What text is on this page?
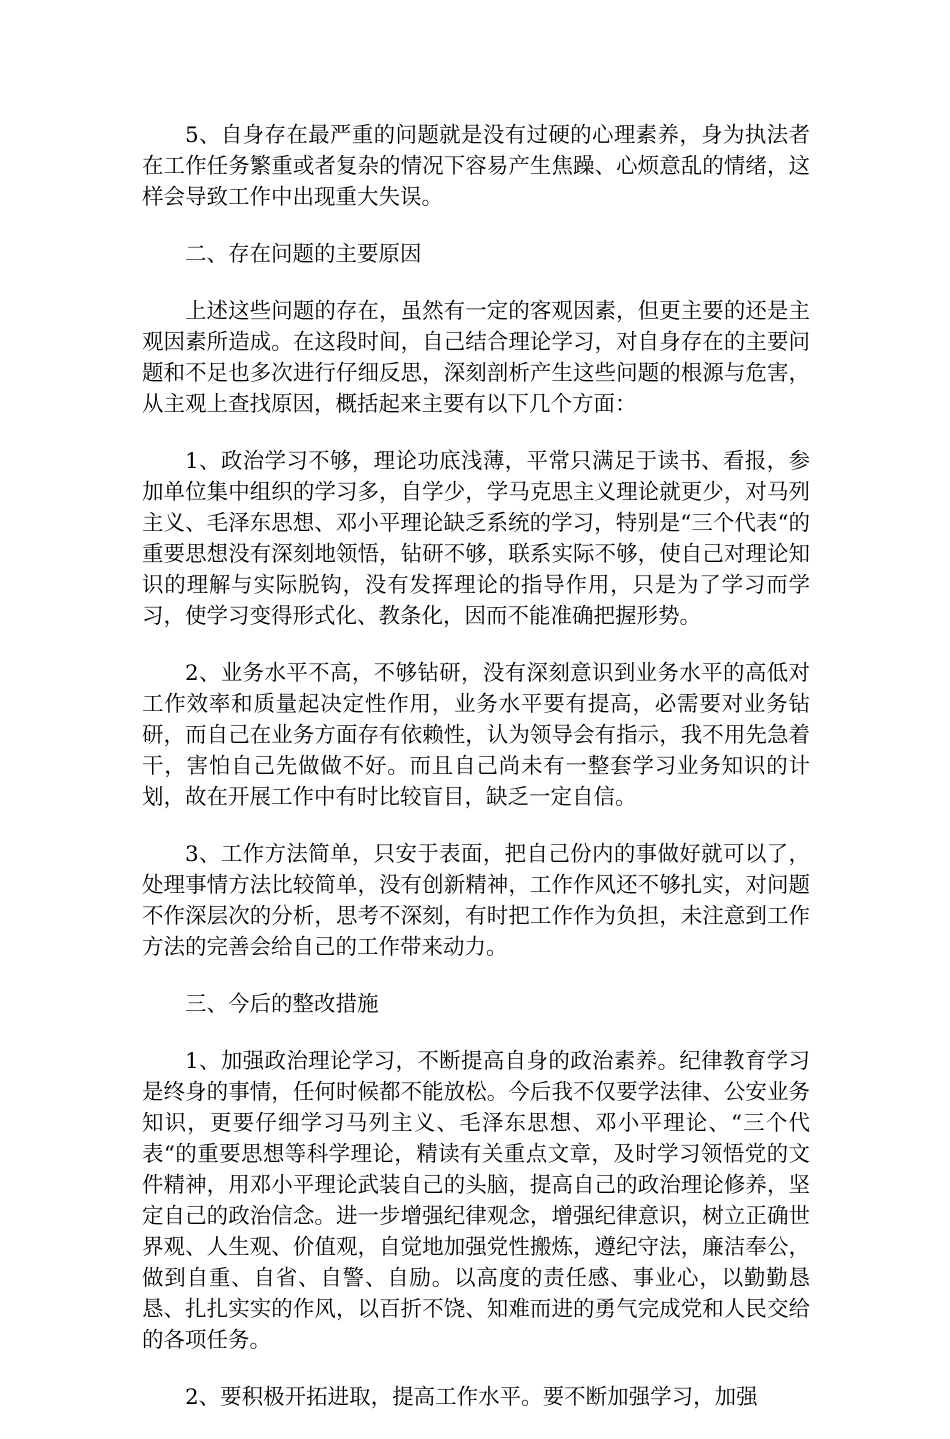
5、自身存在最严重的问题就是没有过硬的心理素养，身为执法者在工作任务繁重或者复杂的情况下容易产生焦躁、心烦意乱的情绪，这样会导致工作中出现重大失误。

二、存在问题的主要原因

上述这些问题的存在，虽然有一定的客观因素，但更主要的还是主观因素所造成。在这段时间，自己结合理论学习，对自身存在的主要问题和不足也多次进行仔细反思，深刻剖析产生这些问题的根源与危害，从主观上查找原因，概括起来主要有以下几个方面：

1、政治学习不够，理论功底浅薄，平常只满足于读书、看报，参加单位集中组织的学习多，自学少，学马克思主义理论就更少，对马列主义、毛泽东思想、邓小平理论缺乏系统的学习，特别是“三个代表“的重要思想没有深刻地领悟，钻研不够，联系实际不够，使自己对理论知识的理解与实际脱钩，没有发挥理论的指导作用，只是为了学习而学习，使学习变得形式化、教条化，因而不能准确把握形势。

2、业务水平不高，不够钻研，没有深刻意识到业务水平的高低对工作效率和质量起决定性作用，业务水平要有提高，必需要对业务钻研，而自己在业务方面存有依赖性，认为领导会有指示，我不用先急着干，害怕自己先做做不好。而且自己尚未有一整套学习业务知识的计划，故在开展工作中有时比较盲目，缺乏一定自信。

3、工作方法简单，只安于表面，把自己份内的事做好就可以了，处理事情方法比较简单，没有创新精神，工作作风还不够扎实，对问题不作深层次的分析，思考不深刻，有时把工作作为负担，未注意到工作方法的完善会给自己的工作带来动力。

三、今后的整改措施

1、加强政治理论学习，不断提高自身的政治素养。纪律教育学习是终身的事情，任何时候都不能放松。今后我不仅要学法律、公安业务知识，更要仔细学习马列主义、毛泽东思想、邓小平理论、“三个代表“的重要思想等科学理论，精读有关重点文章，及时学习领悟党的文件精神，用邓小平理论武装自己的头脑，提高自己的政治理论修养，坚定自己的政治信念。进一步增强纪律观念，增强纪律意识，树立正确世界观、人生观、价值观，自觉地加强党性搬炼，遵纪守法，廉洁奉公，做到自重、自省、自警、自励。以高度的责任感、事业心，以勤勤恳恳、扎扎实实的作风，以百折不饶、知难而进的勇气完成党和人民交给的各项任务。

2、要积极开拓进取，提高工作水平。要不断加强学习，加强
